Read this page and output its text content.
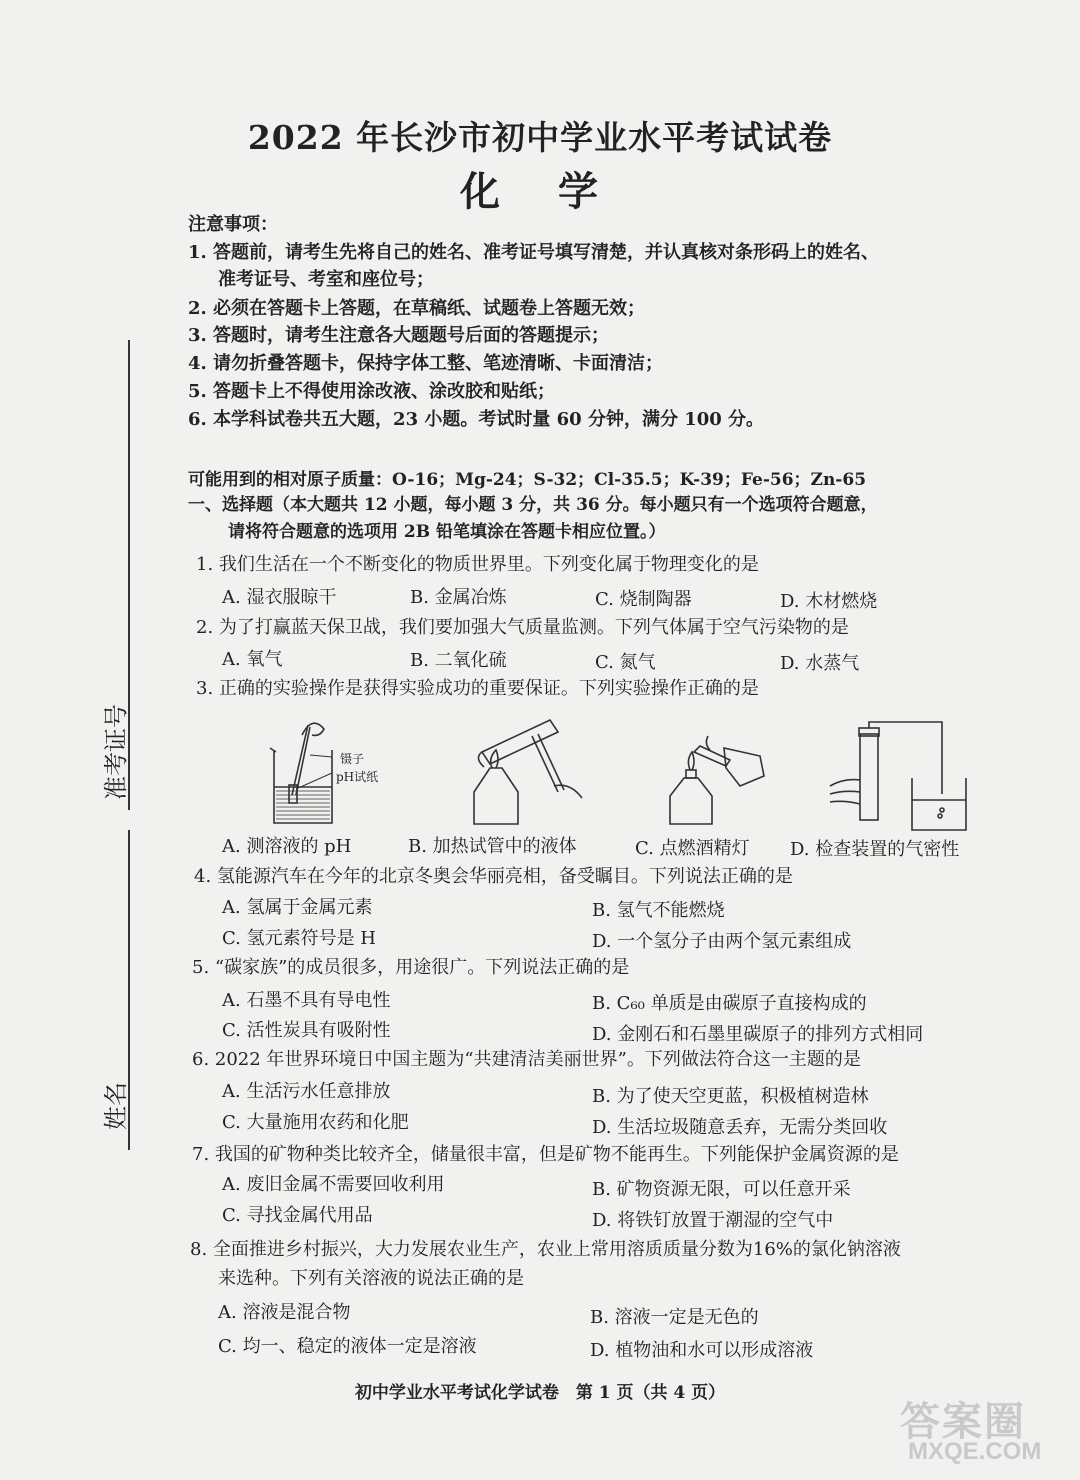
2022 年长沙市初中学业水平考试试卷
化 学
注意事项：
1. 答题前，请考生先将自己的姓名、准考证号填写清楚，并认真核对条形码上的姓名、
准考证号、考室和座位号；
2. 必须在答题卡上答题，在草稿纸、试题卷上答题无效；
3. 答题时，请考生注意各大题题号后面的答题提示；
4. 请勿折叠答题卡，保持字体工整、笔迹清晰、卡面清洁；
5. 答题卡上不得使用涂改液、涂改胶和贴纸；
6. 本学科试卷共五大题，23 小题。考试时量 60 分钟，满分 100 分。
可能用到的相对原子质量：O-16；Mg-24；S-32；Cl-35.5；K-39；Fe-56；Zn-65
一、选择题（本大题共 12 小题，每小题 3 分，共 36 分。每小题只有一个选项符合题意，
请将符合题意的选项用 2B 铅笔填涂在答题卡相应位置。）
准考证号
姓名
1. 我们生活在一个不断变化的物质世界里。下列变化属于物理变化的是
A. 湿衣服晾干	B. 金属冶炼	C. 烧制陶器	D. 木材燃烧
2. 为了打赢蓝天保卫战，我们要加强大气质量监测。下列气体属于空气污染物的是
A. 氧气	B. 二氧化硫	C. 氮气	D. 水蒸气
3. 正确的实验操作是获得实验成功的重要保证。下列实验操作正确的是
镊子
pH试纸
A. 测溶液的 pH	B. 加热试管中的液体	C. 点燃酒精灯 D. 检查装置的气密性
4. 氢能源汽车在今年的北京冬奥会华丽亮相，备受瞩目。下列说法正确的是
A. 氢属于金属元素	B. 氢气不能燃烧
C. 氢元素符号是 H	D. 一个氢分子由两个氢元素组成
5. “碳家族”的成员很多，用途很广。下列说法正确的是
A. 石墨不具有导电性	B. C₆₀ 单质是由碳原子直接构成的
C. 活性炭具有吸附性	D. 金刚石和石墨里碳原子的排列方式相同
6. 2022 年世界环境日中国主题为“共建清洁美丽世界”。下列做法符合这一主题的是
A. 生活污水任意排放	B. 为了使天空更蓝，积极植树造林
C. 大量施用农药和化肥	D. 生活垃圾随意丢弃，无需分类回收
7. 我国的矿物种类比较齐全，储量很丰富，但是矿物不能再生。下列能保护金属资源的是
A. 废旧金属不需要回收利用	B. 矿物资源无限，可以任意开采
C. 寻找金属代用品	D. 将铁钉放置于潮湿的空气中
8. 全面推进乡村振兴，大力发展农业生产，农业上常用溶质质量分数为16%的氯化钠溶液
来选种。下列有关溶液的说法正确的是
A. 溶液是混合物	B. 溶液一定是无色的
C. 均一、稳定的液体一定是溶液	D. 植物油和水可以形成溶液
初中学业水平考试化学试卷　第 1 页（共 4 页）
答案圈
MXQE.COM
